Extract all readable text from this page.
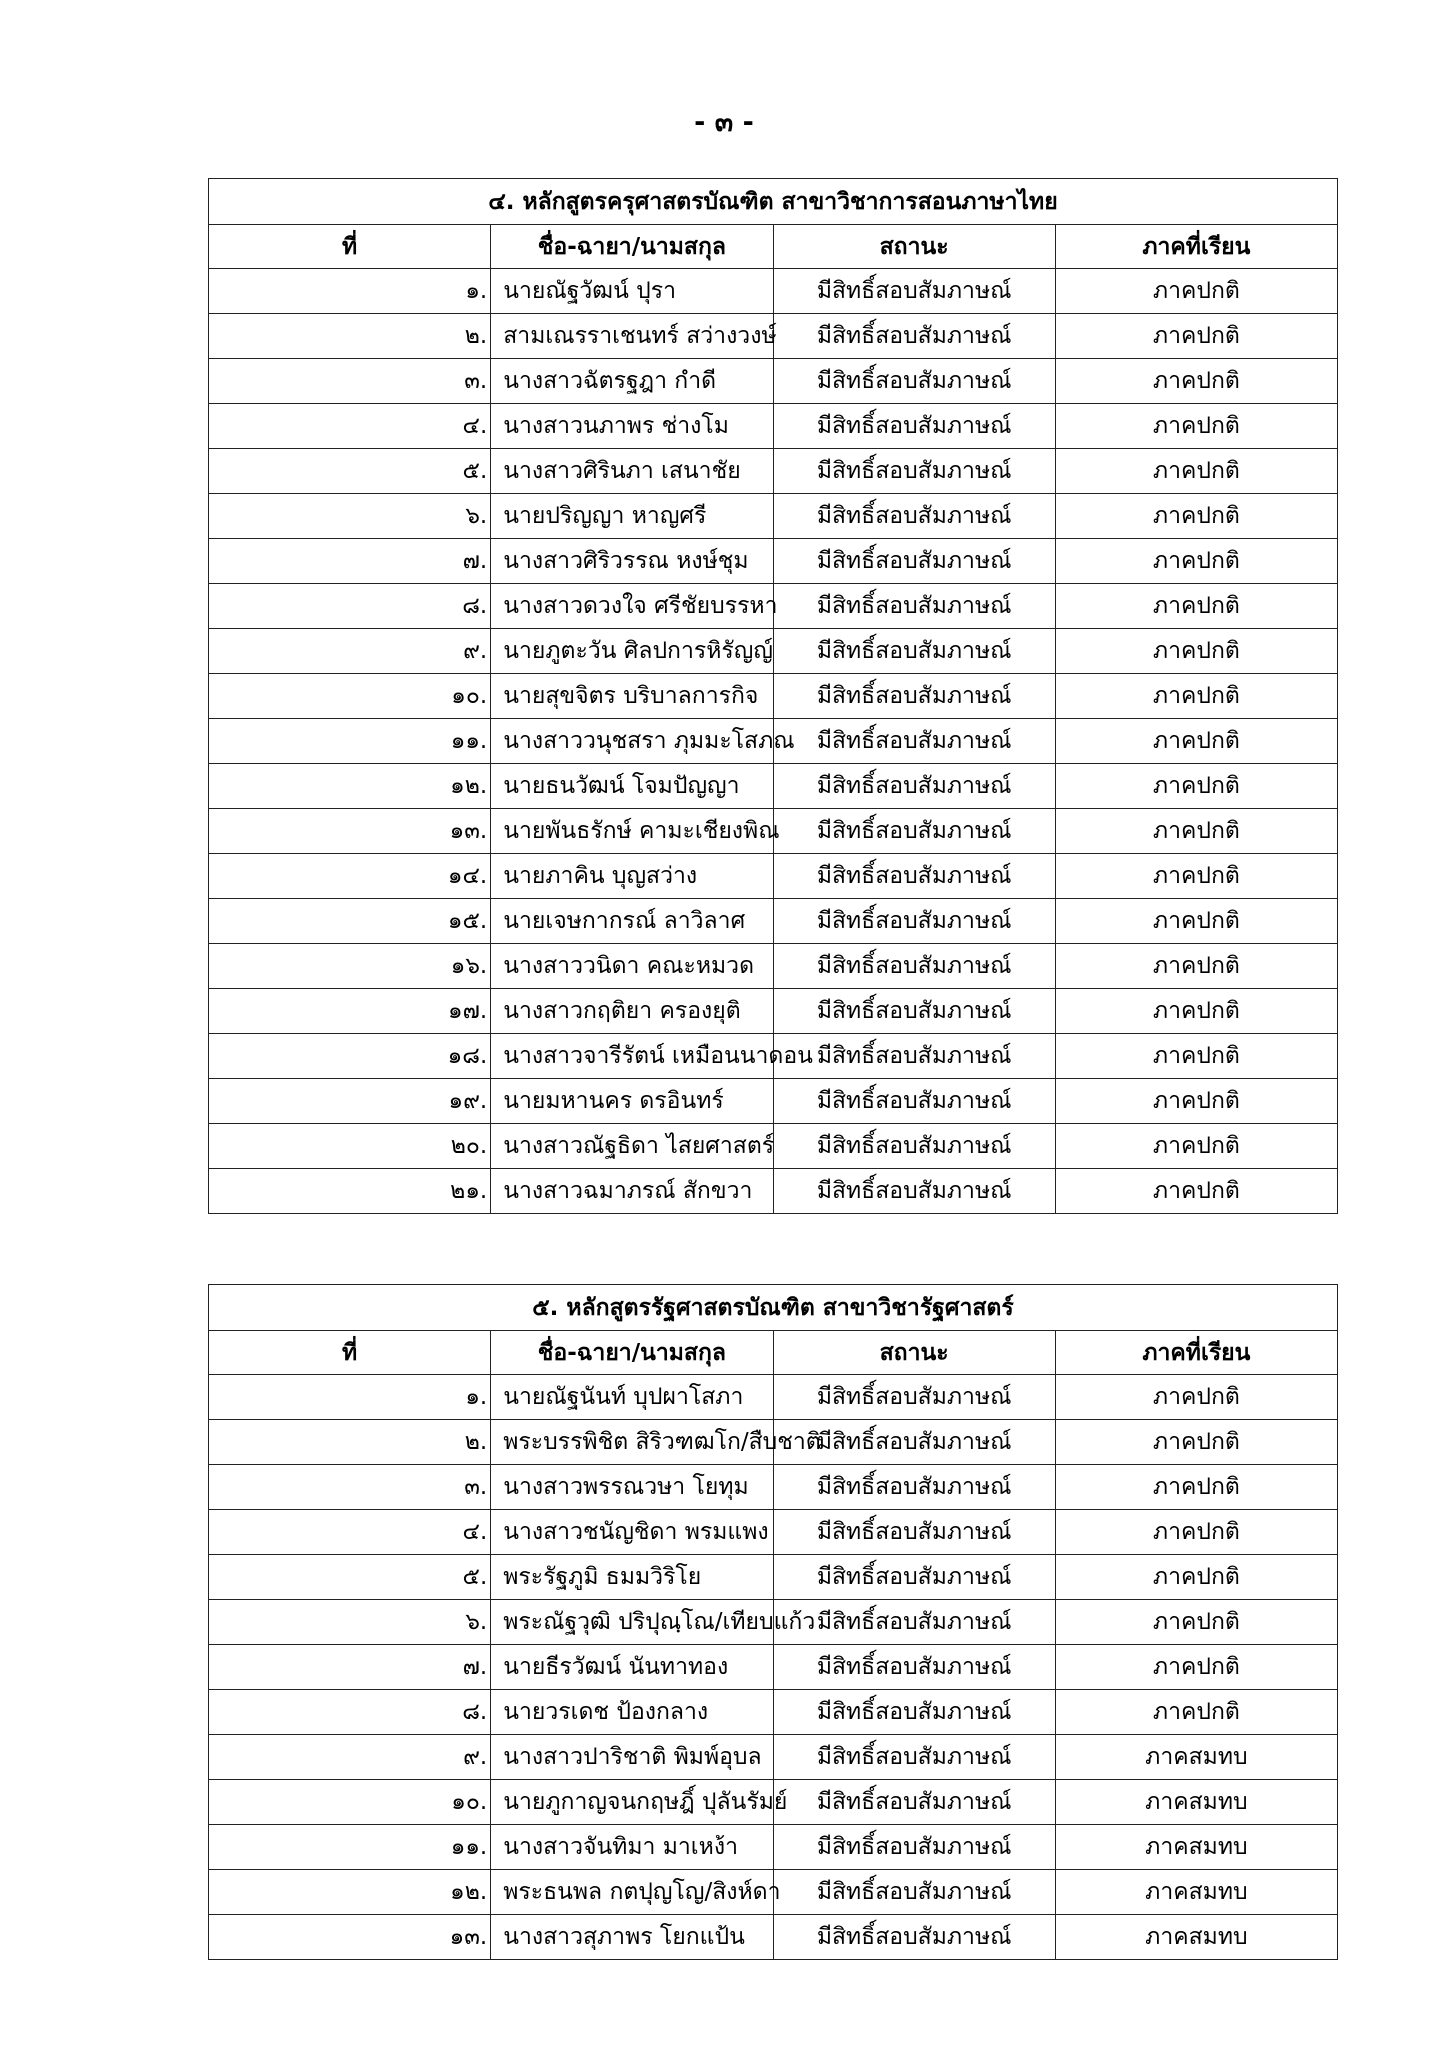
- ๓ -
๔. หลักสูตรครุศาสตรบัณฑิต สาขาวิชาการสอนภาษาไทย			
ที่	ชื่อ-ฉายา/นามสกุล	สถานะ	ภาคที่เรียน
๑.	นายณัฐวัฒน์ ปุรา	มีสิทธิ์สอบสัมภาษณ์	ภาคปกติ
๒.	สามเณรราเชนทร์ สว่างวงษ์	มีสิทธิ์สอบสัมภาษณ์	ภาคปกติ
๓.	นางสาวฉัตรฐฎา กำดี	มีสิทธิ์สอบสัมภาษณ์	ภาคปกติ
๔.	นางสาวนภาพร ช่างโม	มีสิทธิ์สอบสัมภาษณ์	ภาคปกติ
๕.	นางสาวศิรินภา เสนาชัย	มีสิทธิ์สอบสัมภาษณ์	ภาคปกติ
๖.	นายปริญญา หาญศรี	มีสิทธิ์สอบสัมภาษณ์	ภาคปกติ
๗.	นางสาวศิริวรรณ หงษ์ชุม	มีสิทธิ์สอบสัมภาษณ์	ภาคปกติ
๘.	นางสาวดวงใจ ศรีชัยบรรหา	มีสิทธิ์สอบสัมภาษณ์	ภาคปกติ
๙.	นายภูตะวัน ศิลปการหิรัญญ์	มีสิทธิ์สอบสัมภาษณ์	ภาคปกติ
๑๐.	นายสุขจิตร บริบาลการกิจ	มีสิทธิ์สอบสัมภาษณ์	ภาคปกติ
๑๑.	นางสาววนุชสรา ภุมมะโสภณ	มีสิทธิ์สอบสัมภาษณ์	ภาคปกติ
๑๒.	นายธนวัฒน์ โจมปัญญา	มีสิทธิ์สอบสัมภาษณ์	ภาคปกติ
๑๓.	นายพันธรักษ์ คามะเชียงพิณ	มีสิทธิ์สอบสัมภาษณ์	ภาคปกติ
๑๔.	นายภาคิน บุญสว่าง	มีสิทธิ์สอบสัมภาษณ์	ภาคปกติ
๑๕.	นายเจษกากรณ์ ลาวิลาศ	มีสิทธิ์สอบสัมภาษณ์	ภาคปกติ
๑๖.	นางสาววนิดา คณะหมวด	มีสิทธิ์สอบสัมภาษณ์	ภาคปกติ
๑๗.	นางสาวกฤติยา ครองยุติ	มีสิทธิ์สอบสัมภาษณ์	ภาคปกติ
๑๘.	นางสาวจารีรัตน์ เหมือนนาดอน	มีสิทธิ์สอบสัมภาษณ์	ภาคปกติ
๑๙.	นายมหานคร ดรอินทร์	มีสิทธิ์สอบสัมภาษณ์	ภาคปกติ
๒๐.	นางสาวณัฐธิดา ไสยศาสตร์	มีสิทธิ์สอบสัมภาษณ์	ภาคปกติ
๒๑.	นางสาวฉมาภรณ์ สักขวา	มีสิทธิ์สอบสัมภาษณ์	ภาคปกติ
๕. หลักสูตรรัฐศาสตรบัณฑิต สาขาวิชารัฐศาสตร์			
ที่	ชื่อ-ฉายา/นามสกุล	สถานะ	ภาคที่เรียน
๑.	นายณัฐนันท์ บุปผาโสภา	มีสิทธิ์สอบสัมภาษณ์	ภาคปกติ
๒.	พระบรรพิชิต สิริวฑฒโก/สืบชาติ	มีสิทธิ์สอบสัมภาษณ์	ภาคปกติ
๓.	นางสาวพรรณวษา โยทุม	มีสิทธิ์สอบสัมภาษณ์	ภาคปกติ
๔.	นางสาวชนัญชิดา พรมแพง	มีสิทธิ์สอบสัมภาษณ์	ภาคปกติ
๕.	พระรัฐภูมิ ธมมวิริโย	มีสิทธิ์สอบสัมภาษณ์	ภาคปกติ
๖.	พระณัฐวุฒิ ปริปุณฺโณ/เทียบแก้ว	มีสิทธิ์สอบสัมภาษณ์	ภาคปกติ
๗.	นายธีรวัฒน์ นันทาทอง	มีสิทธิ์สอบสัมภาษณ์	ภาคปกติ
๘.	นายวรเดช ป้องกลาง	มีสิทธิ์สอบสัมภาษณ์	ภาคปกติ
๙.	นางสาวปาริชาติ พิมพ์อุบล	มีสิทธิ์สอบสัมภาษณ์	ภาคสมทบ
๑๐.	นายภูกาญจนกฤษฎิ์ ปุลันรัมย์	มีสิทธิ์สอบสัมภาษณ์	ภาคสมทบ
๑๑.	นางสาวจันทิมา มาเหง้า	มีสิทธิ์สอบสัมภาษณ์	ภาคสมทบ
๑๒.	พระธนพล กตปุญโญ/สิงห์ดา	มีสิทธิ์สอบสัมภาษณ์	ภาคสมทบ
๑๓.	นางสาวสุภาพร โยกแป้น	มีสิทธิ์สอบสัมภาษณ์	ภาคสมทบ
